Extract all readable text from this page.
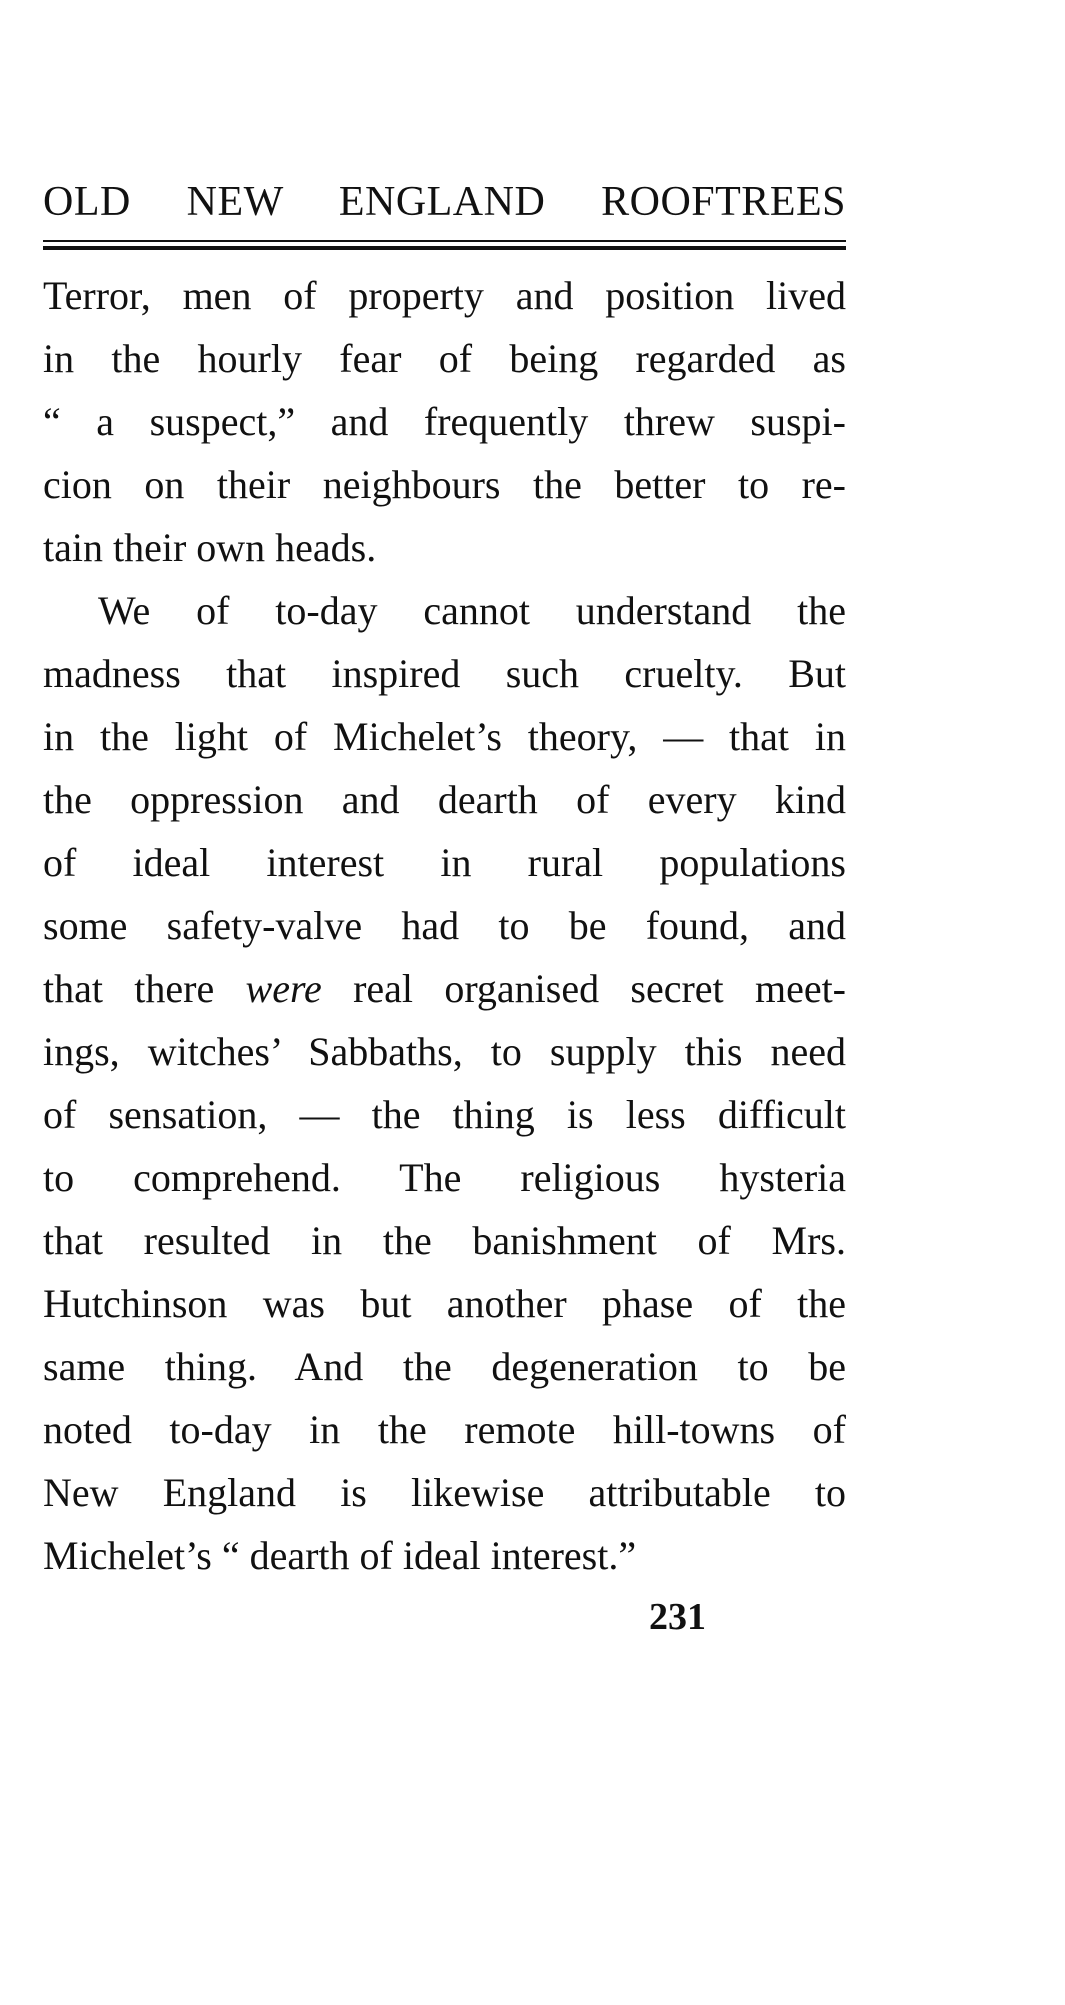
OLD NEW ENGLAND ROOFTREES
Terror, men of property and position lived
in the hourly fear of being regarded as
“ a suspect,” and frequently threw suspi-
cion on their neighbours the better to re-
tain their own heads.
We of to-day cannot understand the
madness that inspired such cruelty. But
in the light of Michelet’s theory, — that in
the oppression and dearth of every kind
of ideal interest in rural populations
some safety-valve had to be found, and
that there were real organised secret meet-
ings, witches’ Sabbaths, to supply this need
of sensation, — the thing is less difficult
to comprehend. The religious hysteria
that resulted in the banishment of Mrs.
Hutchinson was but another phase of the
same thing. And the degeneration to be
noted to-day in the remote hill-towns of
New England is likewise attributable to
Michelet’s “ dearth of ideal interest.”
231
